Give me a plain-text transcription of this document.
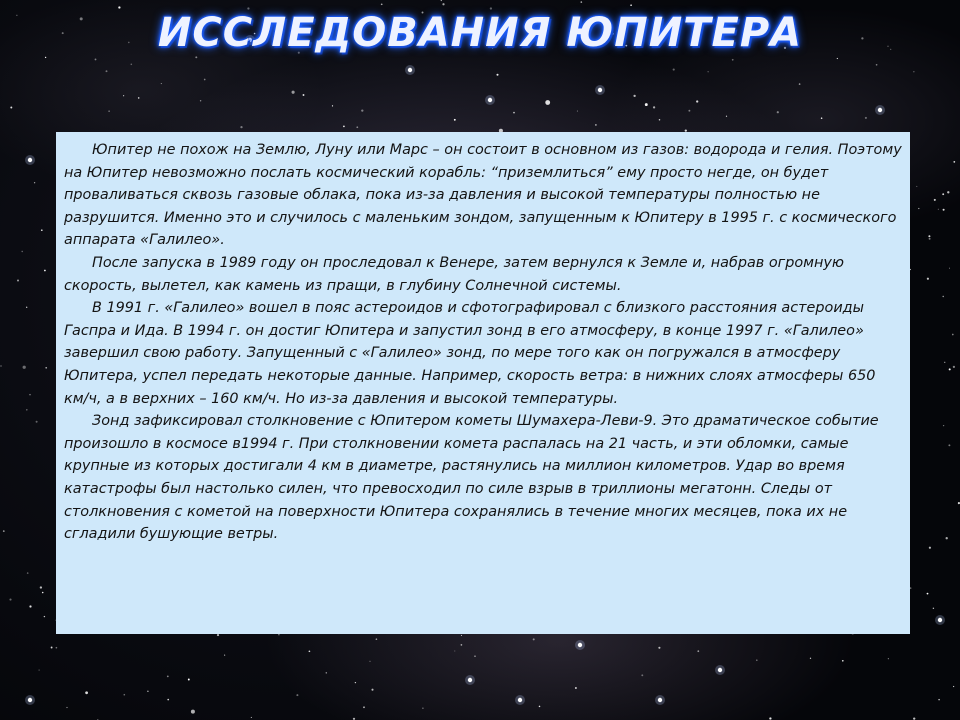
ИССЛЕДОВАНИЯ ЮПИТЕРА

Юпитер не похож на Землю, Луну или Марс – он состоит в основном из газов: водорода и гелия. Поэтому на Юпитер невозможно послать космический корабль: “приземлиться” ему просто негде, он будет проваливаться сквозь газовые облака, пока из-за давления и высокой температуры полностью не разрушится. Именно это и случилось с маленьким зондом, запущенным к Юпитеру в 1995 г. с космического аппарата «Галилео».

После запуска в 1989 году он проследовал к Венере, затем вернулся к Земле и, набрав огромную скорость, вылетел, как камень из пращи, в глубину Солнечной системы.

В 1991 г. «Галилео» вошел в пояс астероидов и сфотографировал с близкого расстояния астероиды Гаспра и Ида. В 1994 г. он достиг Юпитера и запустил зонд в его атмосферу, в конце 1997 г. «Галилео» завершил свою работу. Запущенный с «Галилео» зонд, по мере того как он погружался в атмосферу Юпитера, успел передать некоторые данные. Например, скорость ветра: в нижних слоях атмосферы 650 км/ч, а в верхних – 160 км/ч. Но из-за давления и высокой температуры.

Зонд зафиксировал столкновение с Юпитером кометы Шумахера-Леви-9. Это драматическое событие произошло в космосе в1994 г. При столкновении комета распалась на 21 часть, и эти обломки, самые крупные из которых достигали 4 км в диаметре, растянулись на миллион километров. Удар во время катастрофы был настолько силен, что превосходил по силе взрыв в триллионы мегатонн. Следы от столкновения с кометой на поверхности Юпитера сохранялись в течение многих месяцев, пока их не сгладили бушующие ветры.
